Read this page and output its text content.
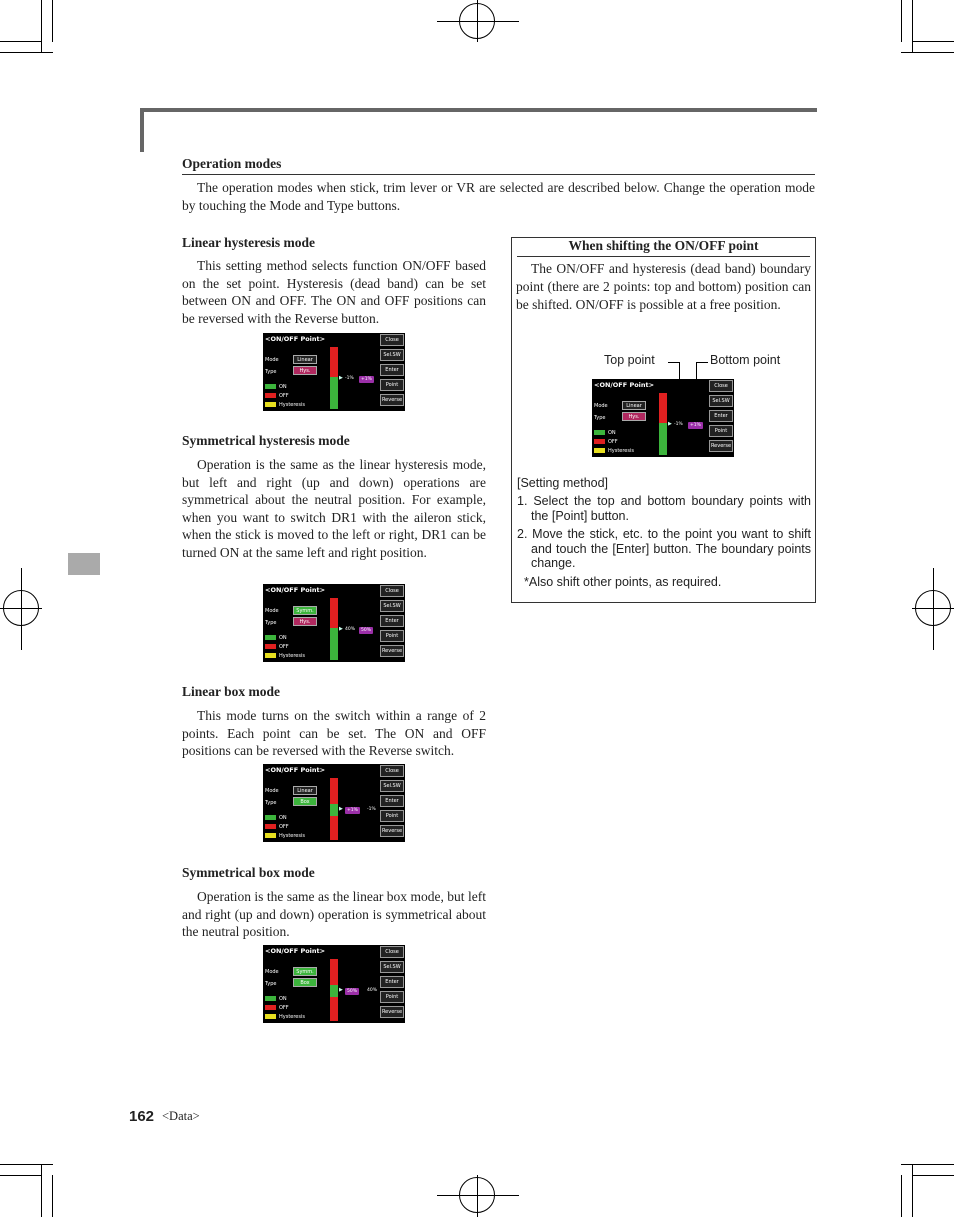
Operation modes

The operation modes when stick, trim lever or VR are selected are described below. Change the operation mode by touching the Mode and Type buttons.

Linear hysteresis mode

This setting method selects function ON/OFF based on the set point. Hysteresis (dead band) can be set between ON and OFF. The ON and OFF positions can be reversed with the Reverse button.

Symmetrical hysteresis mode

Operation is the same as the linear hysteresis mode, but left and right (up and down) operations are symmetrical about the neutral position. For example, when you want to switch DR1 with the aileron stick, when the stick is moved to the left or right, DR1 can be turned ON at the same left and right position.

Linear box mode

This mode turns on the switch within a range of 2 points. Each point can be set. The ON and OFF positions can be reversed with the Reverse switch.

Symmetrical box mode

Operation is the same as the linear box mode, but left and right (up and down) operation is symmetrical about the neutral position.

<ON/OFF Point>
Mode
Type
Linear
Hys.
ON
OFF
Hysteresis
▶ -1%	+1%
Close
Sel.SW
Enter
Point
Reverse
<ON/OFF Point>
Mode
Type
Symm.
Hys.
ON
OFF
Hysteresis
▶ 40%	50%
Close
Sel.SW
Enter
Point
Reverse
<ON/OFF Point>
Mode
Type
Linear
Box
ON
OFF
Hysteresis
▶ +1%	-1%
Close
Sel.SW
Enter
Point
Reverse
<ON/OFF Point>
Mode
Type
Symm.
Box
ON
OFF
Hysteresis
▶ 50%	40%
Close
Sel.SW
Enter
Point
Reverse
When shifting the ON/OFF point

The ON/OFF and hysteresis (dead band) boundary point (there are 2 points: top and bottom) position can be shifted. ON/OFF is possible at a free position.

Top point	Bottom point
<ON/OFF Point>
Mode
Type
Linear
Hys.
ON
OFF
Hysteresis
▶ -1%	+1%
Close
Sel.SW
Enter
Point
Reverse
[Setting method]
1. Select the top and bottom boundary points with the [Point] button.
2. Move the stick, etc. to the point you want to shift and touch the [Enter] button. The boundary points change.
*Also shift other points, as required.
162 <Data>
